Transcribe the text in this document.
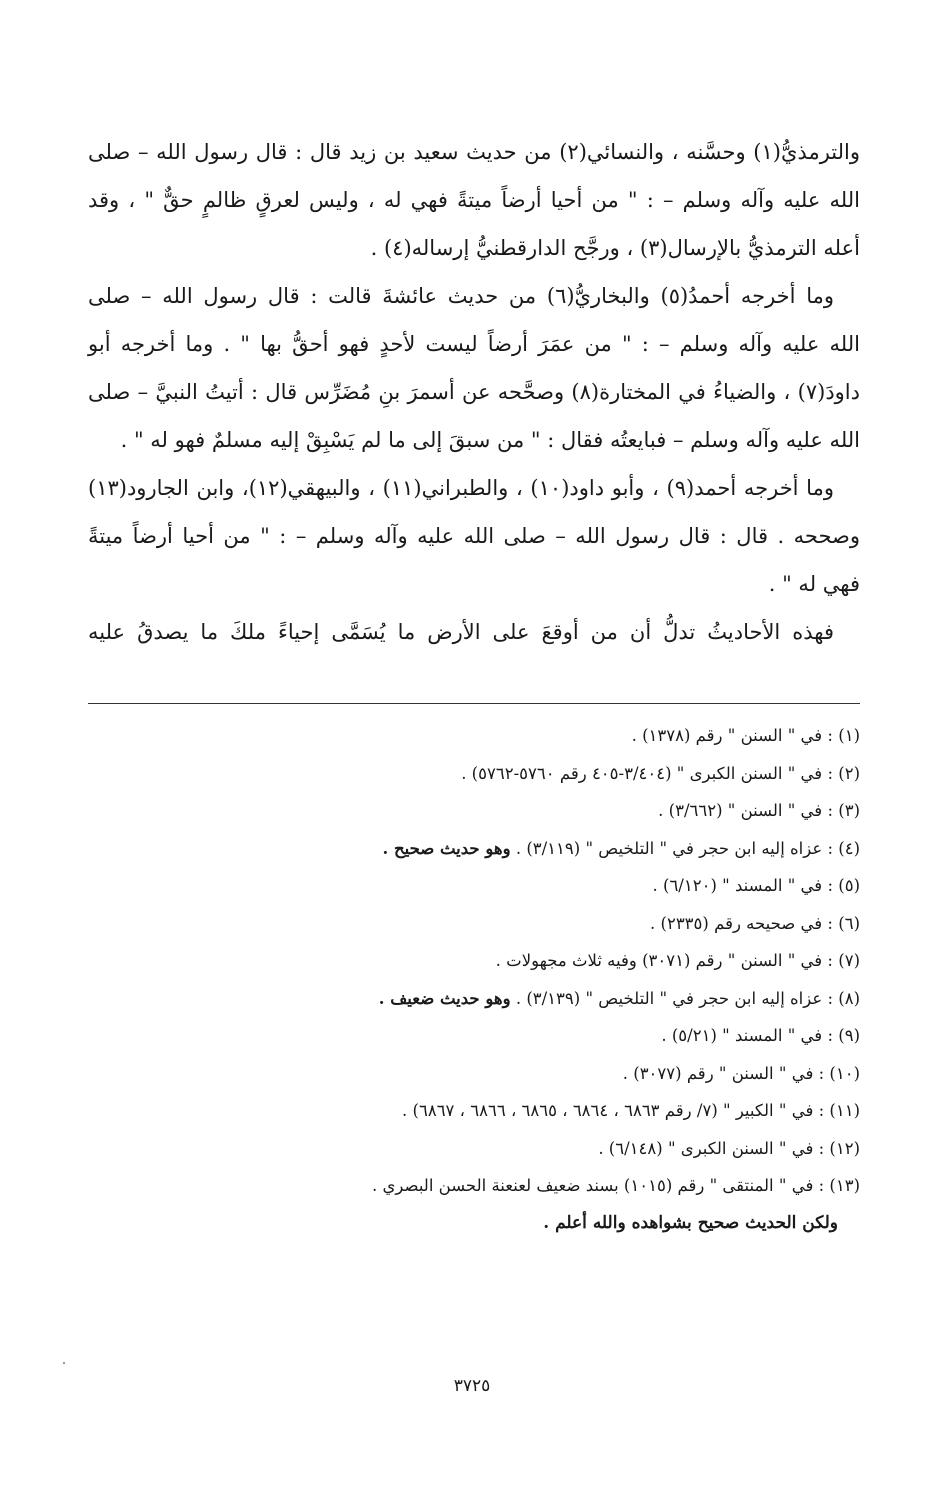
والترمذيُّ(١) وحسَّنه ، والنسائي(٢) من حديث سعيد بن زيد قال : قال رسول الله – صلى
الله عليه وآله وسلم – : " من أحيا أرضاً ميتةً فهي له ، وليس لعرقٍ ظالمٍ حقٌّ " ، وقد
أعله الترمذيُّ بالإرسال(٣) ، ورجَّح الدارقطنيُّ إرساله(٤) .
وما أخرجه أحمدُ(٥) والبخاريُّ(٦) من حديث عائشةَ قالت : قال رسول الله – صلى
الله عليه وآله وسلم – : " من عمَرَ أرضاً ليست لأحدٍ فهو أحقُّ بها " . وما أخرجه أبو
داودَ(٧) ، والضياءُ في المختارة(٨) وصحَّحه عن أسمرَ بنِ مُضَرِّس قال : أتيتُ النبيَّ – صلى
الله عليه وآله وسلم – فبايعتُه فقال : " من سبقَ إلى ما لم يَسْبِقْ إليه مسلمٌ فهو له " .
وما أخرجه أحمد(٩) ، وأبو داود(١٠) ، والطبراني(١١) ، والبيهقي(١٢)، وابن الجارود(١٣)
وصححه . قال : قال رسول الله – صلى الله عليه وآله وسلم – : " من أحيا أرضاً ميتةً
فهي له " .
فهذه الأحاديثُ تدلُّ أن من أوقعَ على الأرض ما يُسَمَّى إحياءً ملكَ ما يصدقُ عليه
(١) : في " السنن " رقم (١٣٧٨) .
(٢) : في " السنن الكبرى " (٣/٤٠٤-٤٠٥ رقم ٥٧٦٠-٥٧٦٢) .
(٣) : في " السنن " (٣/٦٦٢) .
(٤) : عزاه إليه ابن حجر في " التلخيص " (٣/١١٩) . وهو حديث صحيح .
(٥) : في " المسند " (٦/١٢٠) .
(٦) : في صحيحه رقم (٢٣٣٥) .
(٧) : في " السنن " رقم (٣٠٧١) وفيه ثلاث مجهولات .
(٨) : عزاه إليه ابن حجر في " التلخيص " (٣/١٣٩) . وهو حديث ضعيف .
(٩) : في " المسند " (٥/٢١) .
(١٠) : في " السنن " رقم (٣٠٧٧) .
(١١) : في " الكبير " (٧/ رقم ٦٨٦٣ ، ٦٨٦٤ ، ٦٨٦٥ ، ٦٨٦٦ ، ٦٨٦٧) .
(١٢) : في " السنن الكبرى " (٦/١٤٨) .
(١٣) : في " المنتقى " رقم (١٠١٥) بسند ضعيف لعنعنة الحسن البصري .
ولكن الحديث صحيح بشواهده والله أعلم .
٣٧٢٥
